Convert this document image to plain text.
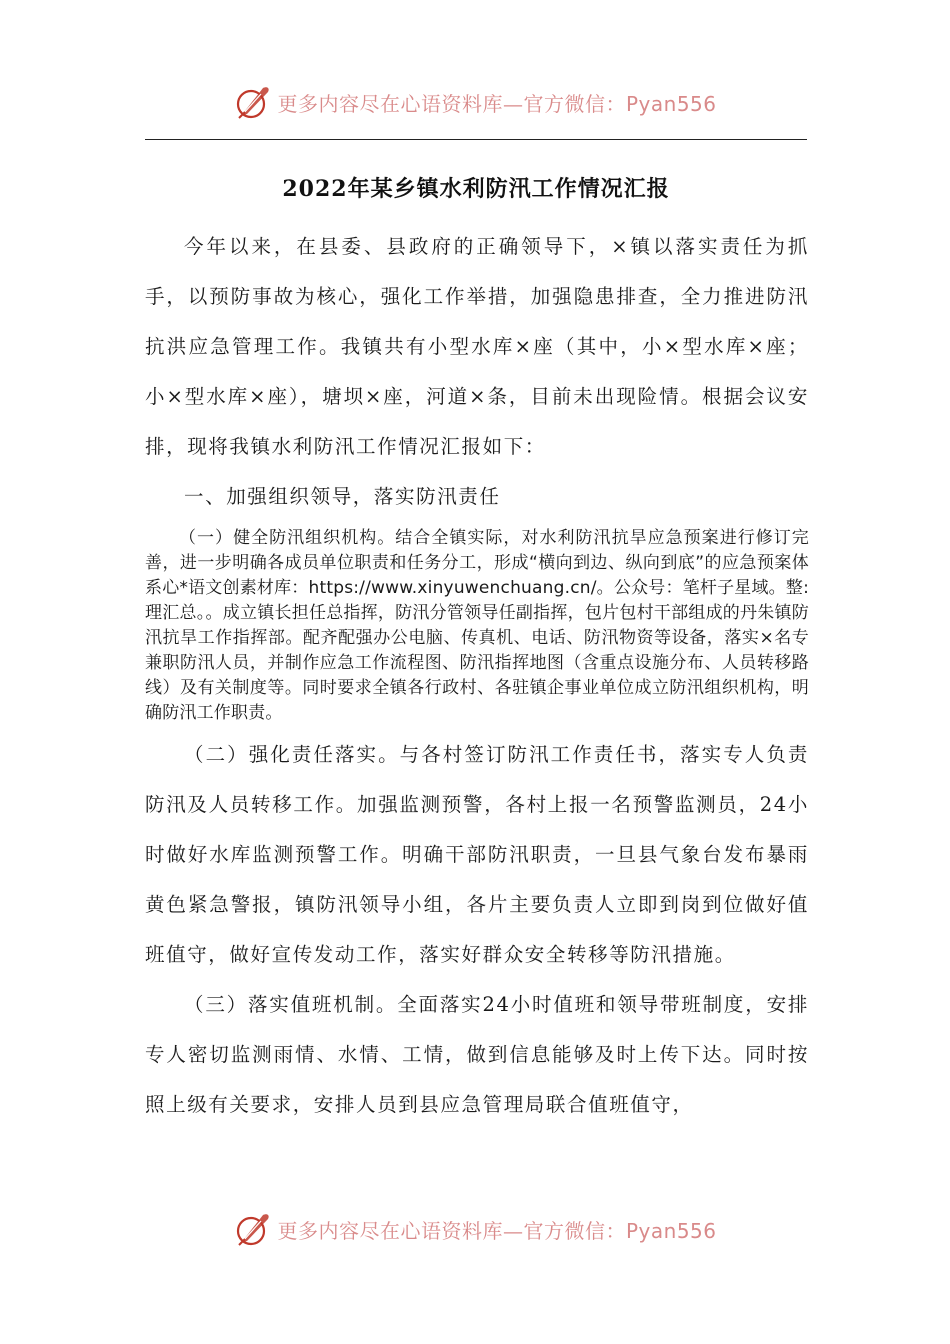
更多内容尽在心语资料库—官方微信：Pyan556
2022年某乡镇水利防汛工作情况汇报

今年以来，在县委、县政府的正确领导下，×镇以落实责任为抓手，以预防事故为核心，强化工作举措，加强隐患排查，全力推进防汛抗洪应急管理工作。我镇共有小型水库×座（其中，小×型水库×座；小×型水库×座），塘坝×座，河道×条，目前未出现险情。根据会议安排，现将我镇水利防汛工作情况汇报如下：

一、加强组织领导，落实防汛责任

（一）健全防汛组织机构。结合全镇实际，对水利防汛抗旱应急预案进行修订完善，进一步明确各成员单位职责和任务分工，形成“横向到边、纵向到底”的应急预案体系心*语文创素材库：https://www.xinyuwenchuang.cn/。公众号：笔杆子星域。整:理汇总。。成立镇长担任总指挥，防汛分管领导任副指挥，包片包村干部组成的丹朱镇防汛抗旱工作指挥部。配齐配强办公电脑、传真机、电话、防汛物资等设备，落实×名专兼职防汛人员，并制作应急工作流程图、防汛指挥地图（含重点设施分布、人员转移路线）及有关制度等。同时要求全镇各行政村、各驻镇企事业单位成立防汛组织机构，明确防汛工作职责。

（二）强化责任落实。与各村签订防汛工作责任书，落实专人负责防汛及人员转移工作。加强监测预警，各村上报一名预警监测员，24小时做好水库监测预警工作。明确干部防汛职责，一旦县气象台发布暴雨黄色紧急警报，镇防汛领导小组，各片主要负责人立即到岗到位做好值班值守，做好宣传发动工作，落实好群众安全转移等防汛措施。

（三）落实值班机制。全面落实24小时值班和领导带班制度，安排专人密切监测雨情、水情、工情，做到信息能够及时上传下达。同时按照上级有关要求，安排人员到县应急管理局联合值班值守，

更多内容尽在心语资料库—官方微信：Pyan556
